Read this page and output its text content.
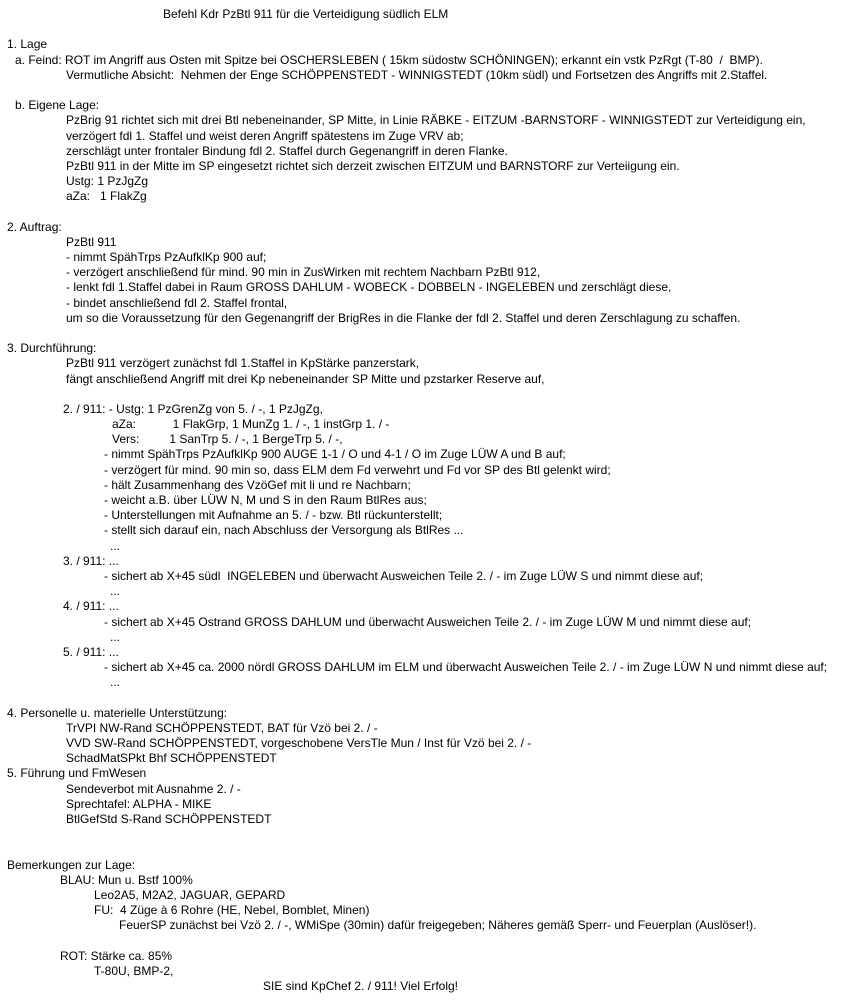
Befehl Kdr PzBtl 911 für die Verteidigung südlich ELM
1. Lage
a. Feind: ROT im Angriff aus Osten mit Spitze bei OSCHERSLEBEN ( 15km südostw SCHÖNINGEN); erkannt ein vstk PzRgt (T-80  /  BMP).
Vermutliche Absicht:  Nehmen der Enge SCHÖPPENSTEDT - WINNIGSTEDT (10km südl) und Fortsetzen des Angriffs mit 2.Staffel.
b. Eigene Lage:
PzBrig 91 richtet sich mit drei Btl nebeneinander, SP Mitte, in Linie RÄBKE - EITZUM -BARNSTORF - WINNIGSTEDT zur Verteidigung ein,
verzögert fdl 1. Staffel und weist deren Angriff spätestens im Zuge VRV ab;
zerschlägt unter frontaler Bindung fdl 2. Staffel durch Gegenangriff in deren Flanke.
PzBtl 911 in der Mitte im SP eingesetzt richtet sich derzeit zwischen EITZUM und BARNSTORF zur Verteiigung ein.
Ustg: 1 PzJgZg
aZa:   1 FlakZg
2. Auftrag:
PzBtl 911
- nimmt SpähTrps PzAufklKp 900 auf;
- verzögert anschließend für mind. 90 min in ZusWirken mit rechtem Nachbarn PzBtl 912,
- lenkt fdl 1.Staffel dabei in Raum GROSS DAHLUM - WOBECK - DOBBELN - INGELEBEN und zerschlägt diese,
- bindet anschließend fdl 2. Staffel frontal,
um so die Voraussetzung für den Gegenangriff der BrigRes in die Flanke der fdl 2. Staffel und deren Zerschlagung zu schaffen.
3. Durchführung:
PzBtl 911 verzögert zunächst fdl 1.Staffel in KpStärke panzerstark,
fängt anschließend Angriff mit drei Kp nebeneinander SP Mitte und pzstarker Reserve auf,
2. / 911: - Ustg: 1 PzGrenZg von 5. / -, 1 PzJgZg,
aZa:           1 FlakGrp, 1 MunZg 1. / -, 1 instGrp 1. / -
Vers:         1 SanTrp 5. / -, 1 BergeTrp 5. / -,
- nimmt SpähTrps PzAufklKp 900 AUGE 1-1 / O und 4-1 / O im Zuge LÜW A und B auf;
- verzögert für mind. 90 min so, dass ELM dem Fd verwehrt und Fd vor SP des Btl gelenkt wird;
- hält Zusammenhang des VzöGef mit li und re Nachbarn;
- weicht a.B. über LÜW N, M und S in den Raum BtlRes aus;
- Unterstellungen mit Aufnahme an 5. / - bzw. Btl rückunterstellt;
- stellt sich darauf ein, nach Abschluss der Versorgung als BtlRes ...
...
3. / 911: ...
- sichert ab X+45 südl  INGELEBEN und überwacht Ausweichen Teile 2. / - im Zuge LÜW S und nimmt diese auf;
...
4. / 911: ...
- sichert ab X+45 Ostrand GROSS DAHLUM und überwacht Ausweichen Teile 2. / - im Zuge LÜW M und nimmt diese auf;
...
5. / 911: ...
- sichert ab X+45 ca. 2000 nördl GROSS DAHLUM im ELM und überwacht Ausweichen Teile 2. / - im Zuge LÜW N und nimmt diese auf;
...
4. Personelle u. materielle Unterstützung:
TrVPI NW-Rand SCHÖPPENSTEDT, BAT für Vzö bei 2. / -
VVD SW-Rand SCHÖPPENSTEDT, vorgeschobene VersTle Mun / Inst für Vzö bei 2. / -
SchadMatSPkt Bhf SCHÖPPENSTEDT
5. Führung und FmWesen
Sendeverbot mit Ausnahme 2. / -
Sprechtafel: ALPHA - MIKE
BtlGefStd S-Rand SCHÖPPENSTEDT
Bemerkungen zur Lage:
BLAU: Mun u. Bstf 100%
Leo2A5, M2A2, JAGUAR, GEPARD
FU:  4 Züge à 6 Rohre (HE, Nebel, Bomblet, Minen)
FeuerSP zunächst bei Vzö 2. / -, WMiSpe (30min) dafür freigegeben; Näheres gemäß Sperr- und Feuerplan (Auslöser!).
ROT: Stärke ca. 85%
T-80U, BMP-2,
SIE sind KpChef 2. / 911! Viel Erfolg!
